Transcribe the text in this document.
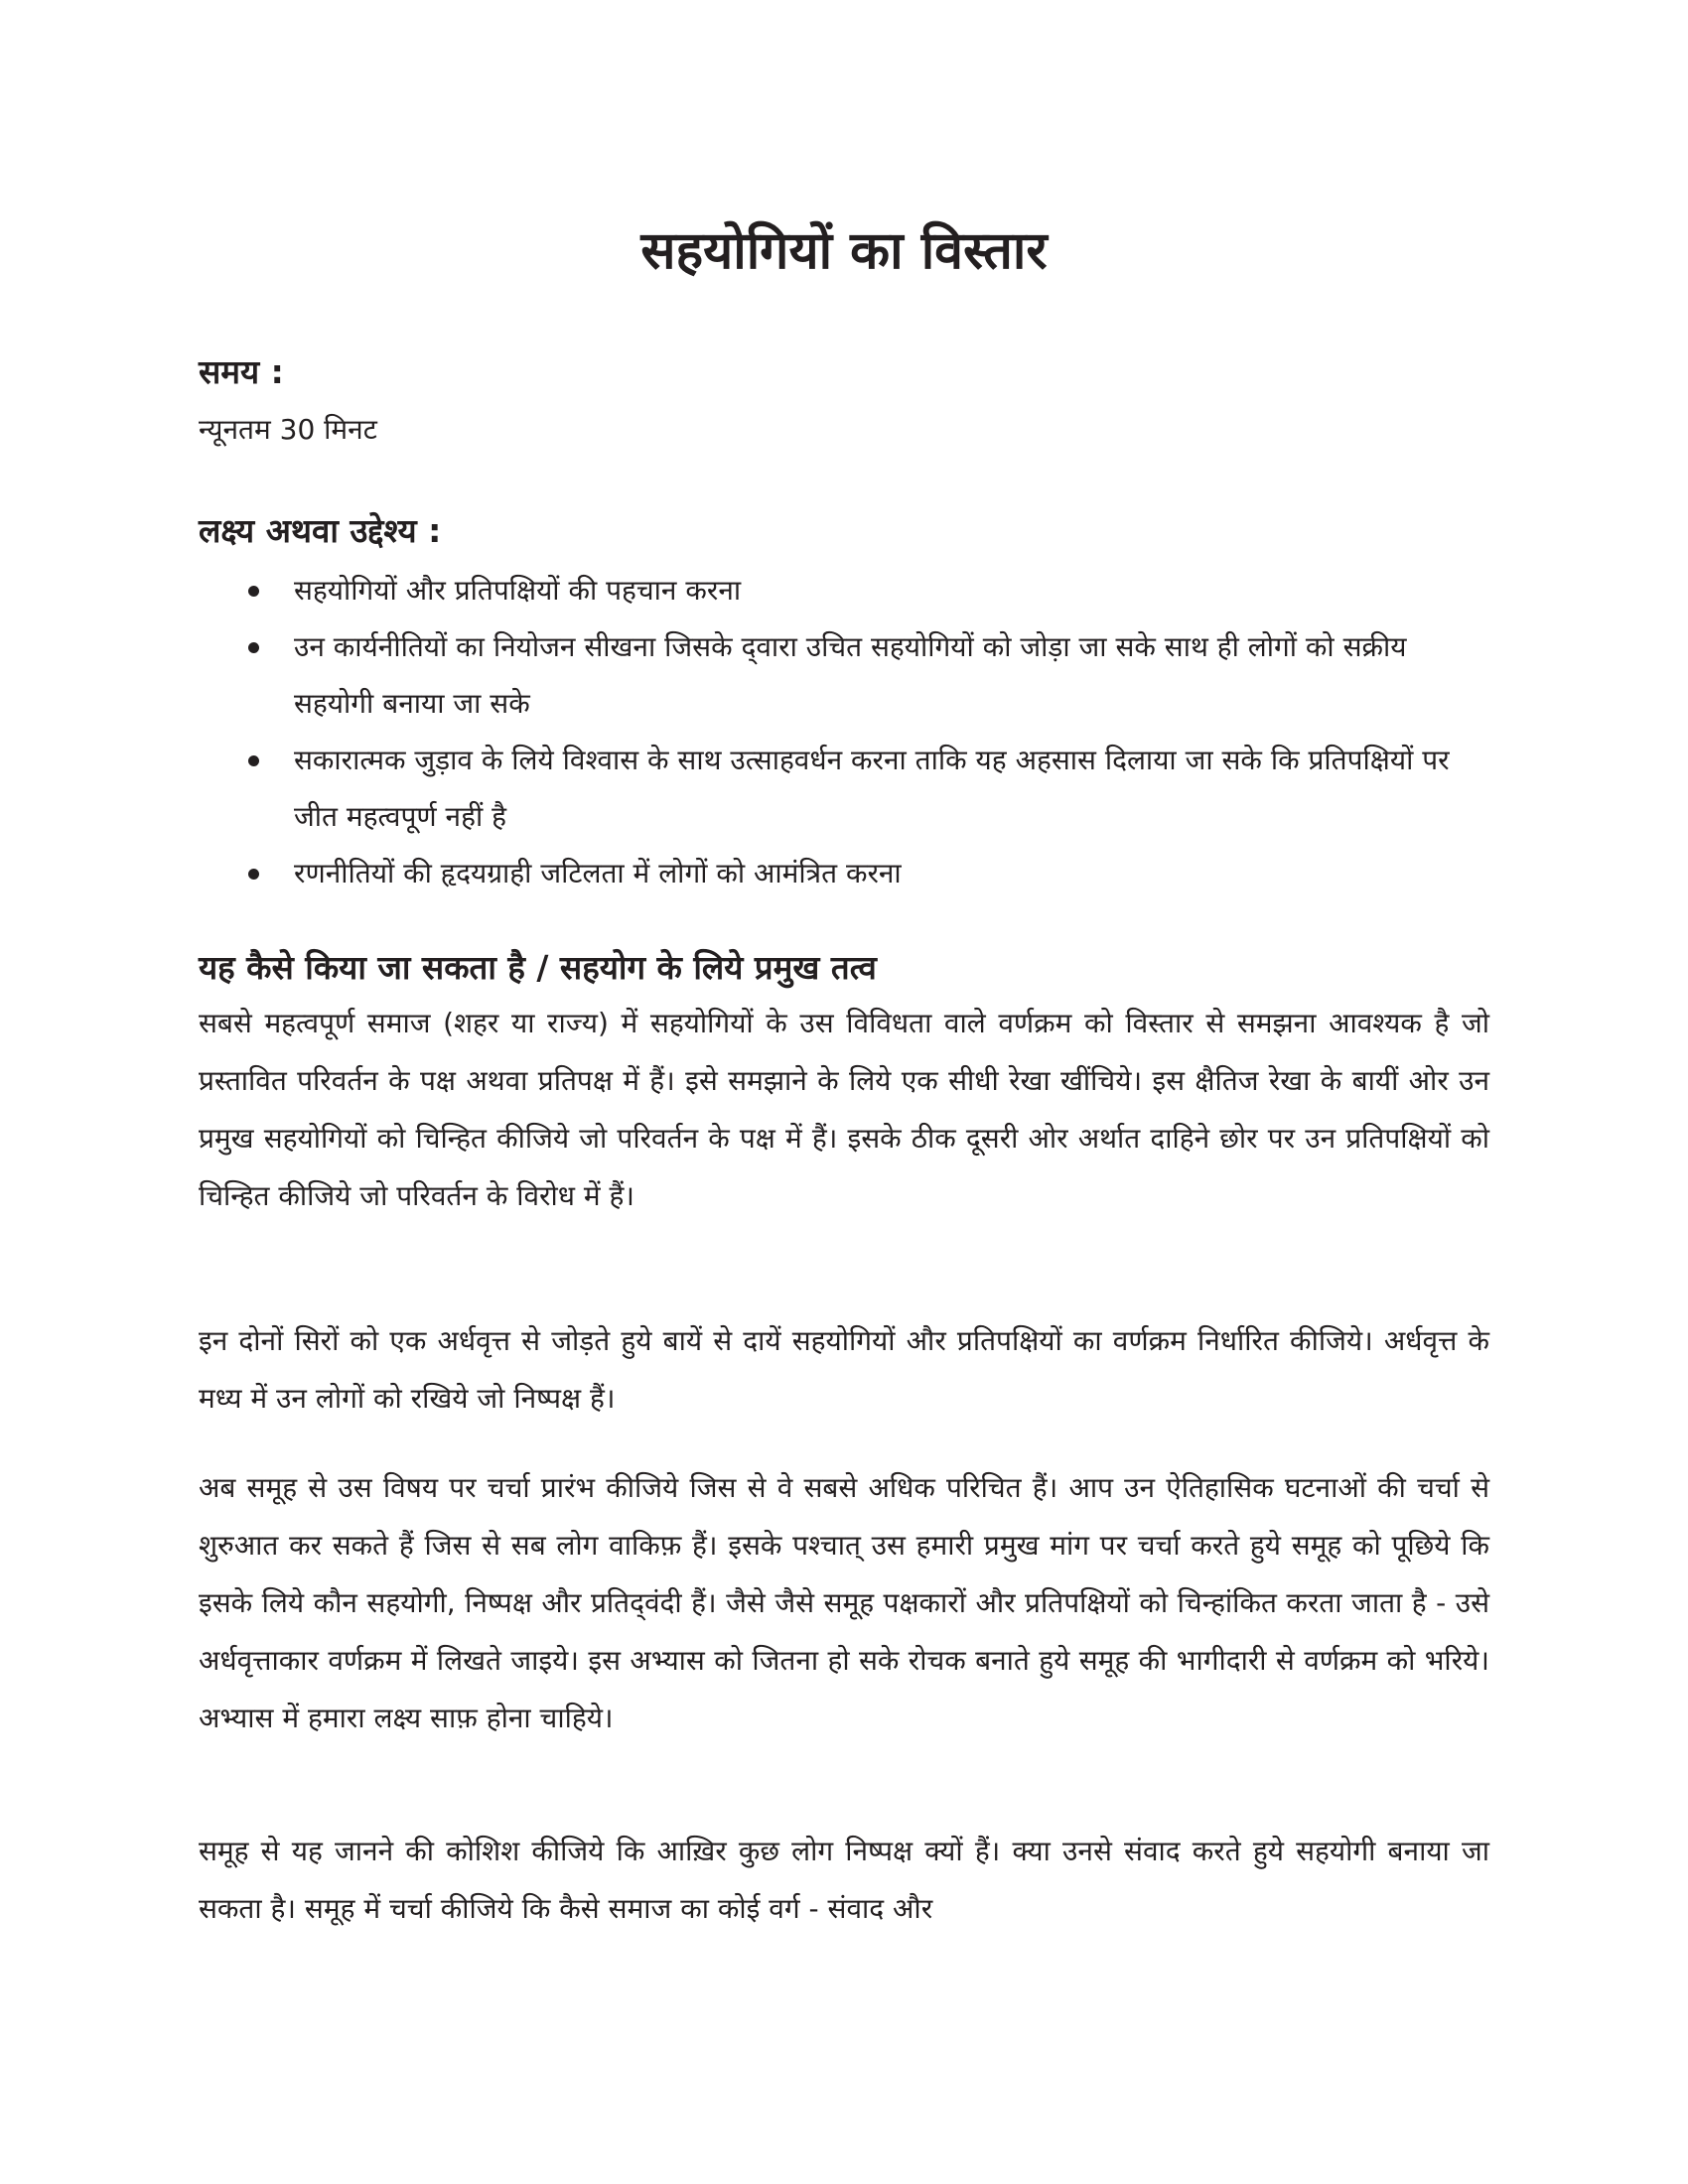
सहयोगियों का विस्तार

समय :

न्यूनतम 30 मिनट

लक्ष्य अथवा उद्देश्य :

सहयोगियों और प्रतिपक्षियों की पहचान करना
उन कार्यनीतियों का नियोजन सीखना जिसके द्‌वारा उचित सहयोगियों को जोड़ा जा सके साथ ही लोगों को सक्रीय सहयोगी बनाया जा सके
सकारात्मक जुड़ाव के लिये विश्वास के साथ उत्साहवर्धन करना ताकि यह अहसास दिलाया जा सके कि प्रतिपक्षियों पर जीत महत्वपूर्ण नहीं है
रणनीतियों की हृदयग्राही जटिलता में लोगों को आमंत्रित करना
यह कैसे किया जा सकता है / सहयोग के लिये प्रमुख तत्व

सबसे महत्वपूर्ण समाज (शहर या राज्य) में सहयोगियों के उस विविधता वाले वर्णक्रम को विस्तार से समझना आवश्यक है जो प्रस्तावित परिवर्तन के पक्ष अथवा प्रतिपक्ष में हैं। इसे समझाने के लिये एक सीधी रेखा खींचिये। इस क्षैतिज रेखा के बायीं ओर उन प्रमुख सहयोगियों को चिन्हित कीजिये जो परिवर्तन के पक्ष में हैं। इसके ठीक दूसरी ओर अर्थात दाहिने छोर पर उन प्रतिपक्षियों को चिन्हित कीजिये जो परिवर्तन के विरोध में हैं।

इन दोनों सिरों को एक अर्धवृत्त से जोड़ते हुये बायें से दायें सहयोगियों और प्रतिपक्षियों का वर्णक्रम निर्धारित कीजिये। अर्धवृत्त के मध्य में उन लोगों को रखिये जो निष्पक्ष हैं।

अब समूह से उस विषय पर चर्चा प्रारंभ कीजिये जिस से वे सबसे अधिक परिचित हैं। आप उन ऐतिहासिक घटनाओं की चर्चा से शुरुआत कर सकते हैं जिस से सब लोग वाकिफ़ हैं। इसके पश्चात्‌ उस हमारी प्रमुख मांग पर चर्चा करते हुये समूह को पूछिये कि इसके लिये कौन सहयोगी, निष्पक्ष और प्रतिद्‌वंदी हैं। जैसे जैसे समूह पक्षकारों और प्रतिपक्षियों को चिन्हांकित करता जाता है - उसे अर्धवृत्ताकार वर्णक्रम में लिखते जाइये। इस अभ्यास को जितना हो सके रोचक बनाते हुये समूह की भागीदारी से वर्णक्रम को भरिये। अभ्यास में हमारा लक्ष्य साफ़ होना चाहिये।

समूह से यह जानने की कोशिश कीजिये कि आख़िर कुछ लोग निष्पक्ष क्यों हैं। क्या उनसे संवाद करते हुये सहयोगी बनाया जा सकता है। समूह में चर्चा कीजिये कि कैसे समाज का कोई वर्ग - संवाद और
